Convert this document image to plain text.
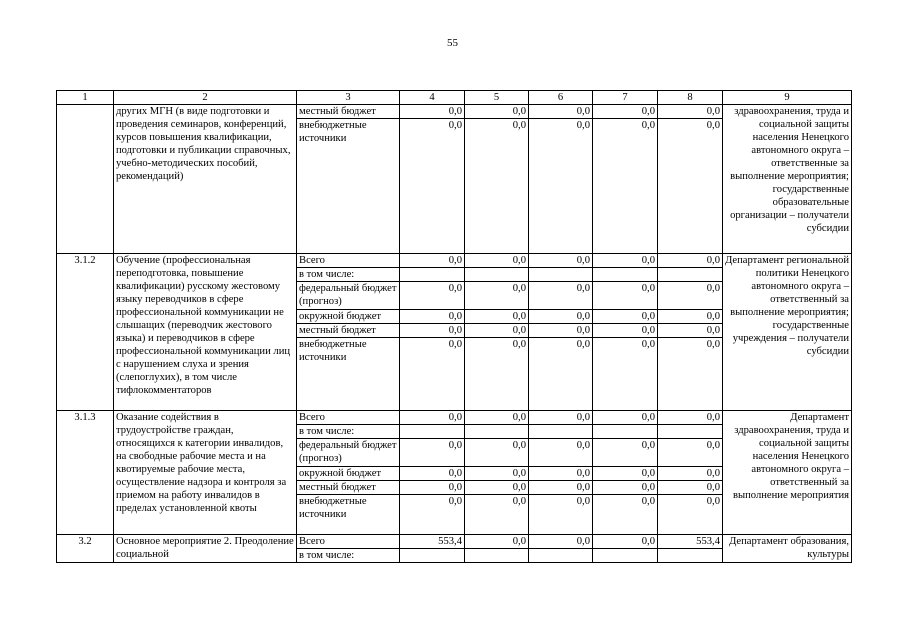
55
1	2	3	4	5	6	7	8	9
	других МГН (в виде подготовки и проведения семинаров, конференций, курсов повышения квалификации, подготовки и публикации справочных, учебно-методических пособий, рекомендаций)	местный бюджет	0,0	0,0	0,0	0,0	0,0	здравоохранения, труда и социальной защиты населения Ненецкого автономного округа – ответственные за выполнение мероприятия; государственные образовательные организации – получатели субсидии
		внебюджетные источники	0,0	0,0	0,0	0,0	0,0	
3.1.2	Обучение (профессиональная переподготовка, повышение квалификации) русскому жестовому языку переводчиков в сфере профессиональной коммуникации не слышащих (переводчик жестового языка) и переводчиков в сфере профессиональной коммуникации лиц с нарушением слуха и зрения (слепоглухих), в том числе тифлокомментаторов	Всего	0,0	0,0	0,0	0,0	0,0	Департамент региональной политики Ненецкого автономного округа – ответственный за выполнение мероприятия; государственные учреждения – получатели субсидии
		в том числе:						
		федеральный бюджет (прогноз)	0,0	0,0	0,0	0,0	0,0	
		окружной бюджет	0,0	0,0	0,0	0,0	0,0	
		местный бюджет	0,0	0,0	0,0	0,0	0,0	
		внебюджетные источники	0,0	0,0	0,0	0,0	0,0	
3.1.3	Оказание содействия в трудоустройстве граждан, относящихся к категории инвалидов, на свободные рабочие места и на квотируемые рабочие места, осуществление надзора и контроля за приемом на работу инвалидов в пределах установленной квоты	Всего	0,0	0,0	0,0	0,0	0,0	Департамент здравоохранения, труда и социальной защиты населения Ненецкого автономного округа – ответственный за выполнение мероприятия
		в том числе:						
		федеральный бюджет (прогноз)	0,0	0,0	0,0	0,0	0,0	
		окружной бюджет	0,0	0,0	0,0	0,0	0,0	
		местный бюджет	0,0	0,0	0,0	0,0	0,0	
		внебюджетные источники	0,0	0,0	0,0	0,0	0,0	
3.2	Основное мероприятие 2. Преодоление социальной	Всего	553,4	0,0	0,0	0,0	553,4	Департамент образования, культуры
		в том числе:						
